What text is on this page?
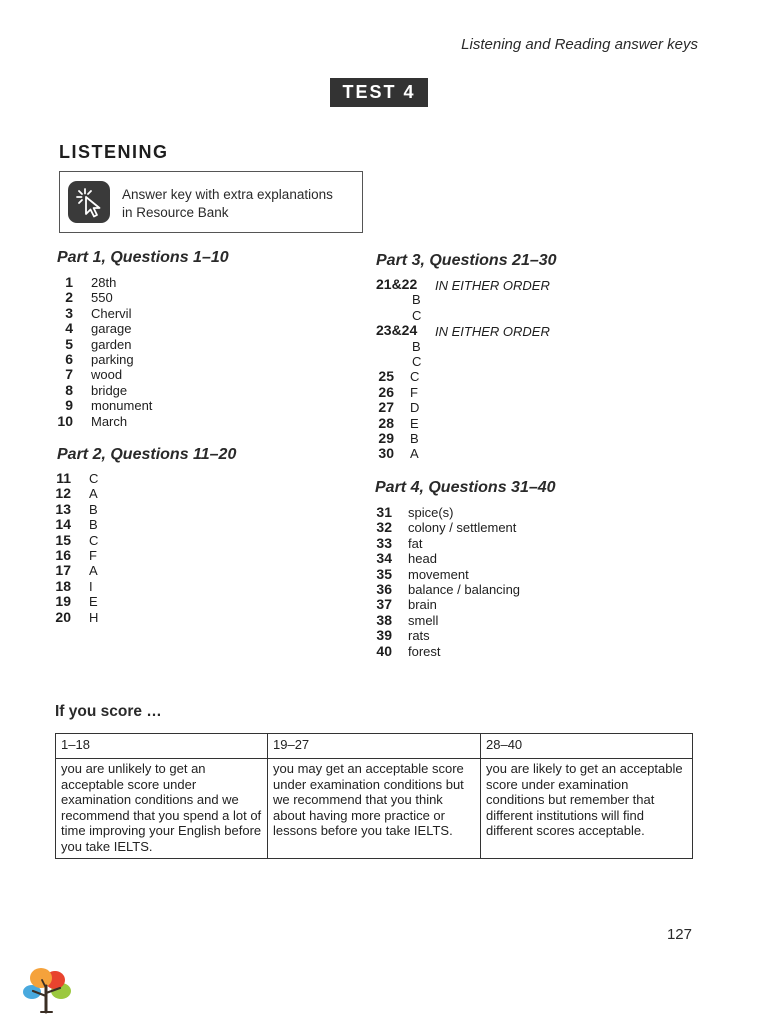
Listening and Reading answer keys
TEST 4
LISTENING
Answer key with extra explanations
in Resource Bank
Part 1, Questions 1–10
1 28th
2 550
3 Chervil
4 garage
5 garden
6 parking
7 wood
8 bridge
9 monument
10 March
Part 2, Questions 11–20
11 C
12 A
13 B
14 B
15 C
16 F
17 A
18 I
19 E
20 H
Part 3, Questions 21–30
21&22 IN EITHER ORDER
B
C
23&24 IN EITHER ORDER
B
C
25 C
26 F
27 D
28 E
29 B
30 A
Part 4, Questions 31–40
31 spice(s)
32 colony / settlement
33 fat
34 head
35 movement
36 balance / balancing
37 brain
38 smell
39 rats
40 forest
If you score …
1–18	19–27	28–40
you are unlikely to get an acceptable score under examination conditions and we recommend that you spend a lot of time improving your English before you take IELTS.	you may get an acceptable score under examination conditions but we recommend that you think about having more practice or lessons before you take IELTS.	you are likely to get an acceptable score under examination conditions but remember that different institutions will find different scores acceptable.
127
